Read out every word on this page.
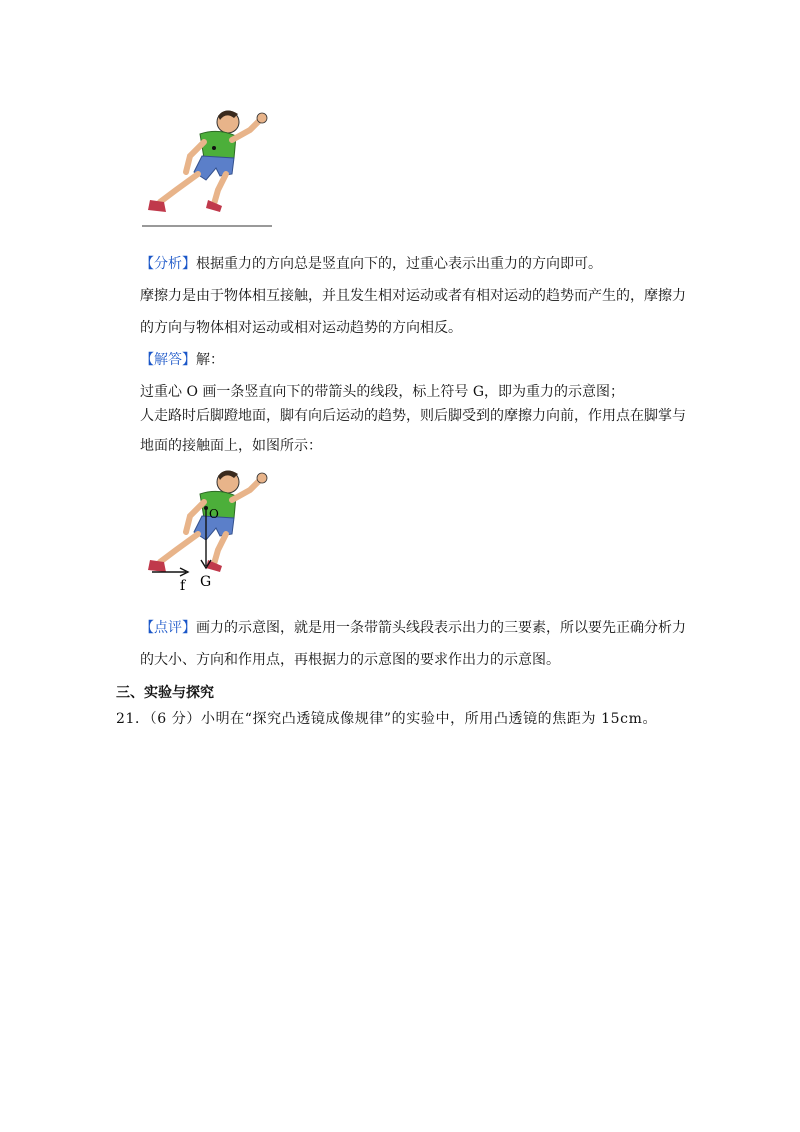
【分析】根据重力的方向总是竖直向下的，过重心表示出重力的方向即可。
摩擦力是由于物体相互接触，并且发生相对运动或者有相对运动的趋势而产生的，摩擦力
的方向与物体相对运动或相对运动趋势的方向相反。
【解答】解：
过重心 O 画一条竖直向下的带箭头的线段，标上符号 G，即为重力的示意图；
人走路时后脚蹬地面，脚有向后运动的趋势，则后脚受到的摩擦力向前，作用点在脚掌与
地面的接触面上，如图所示：
O
f G
【点评】画力的示意图，就是用一条带箭头线段表示出力的三要素，所以要先正确分析力
的大小、方向和作用点，再根据力的示意图的要求作出力的示意图。
三、实验与探究
21．（6 分）小明在“探究凸透镜成像规律”的实验中，所用凸透镜的焦距为 15cm。
